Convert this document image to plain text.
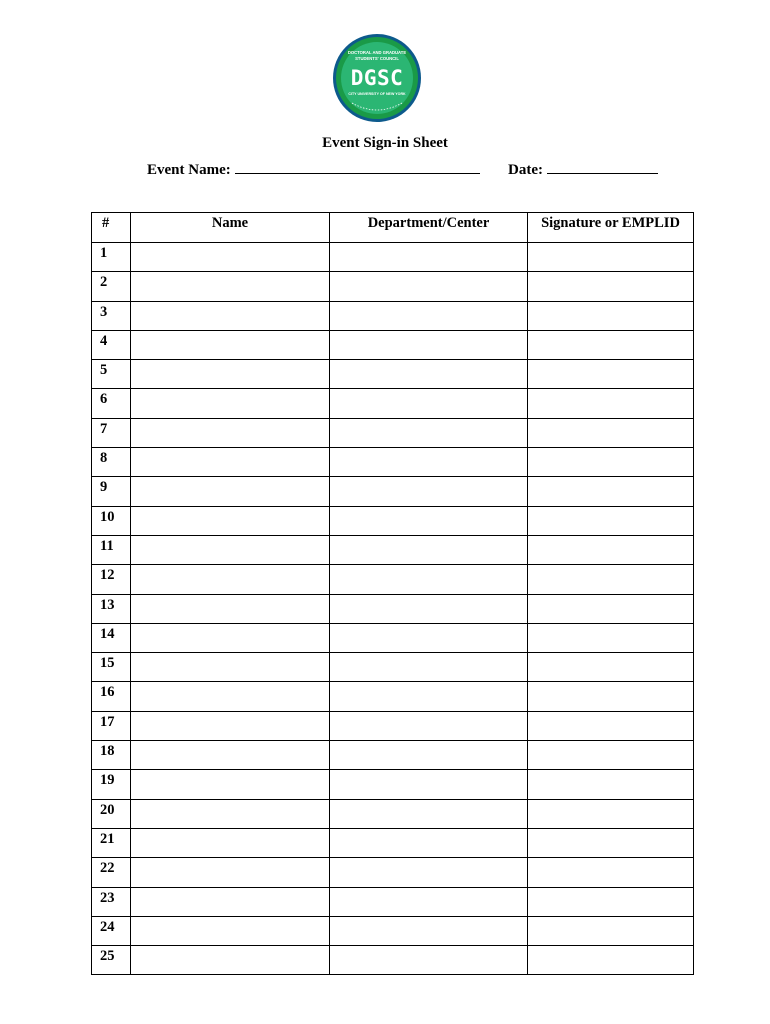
DOCTORAL AND GRADUATE
STUDENTS' COUNCIL
DGSC
CITY UNIVERSITY OF NEW YORK
Event Sign-in Sheet
Event Name:	Date:
#	Name	Department/Center	Signature or EMPLID
1			
2			
3			
4			
5			
6			
7			
8			
9			
10			
11			
12			
13			
14			
15			
16			
17			
18			
19			
20			
21			
22			
23			
24			
25			
